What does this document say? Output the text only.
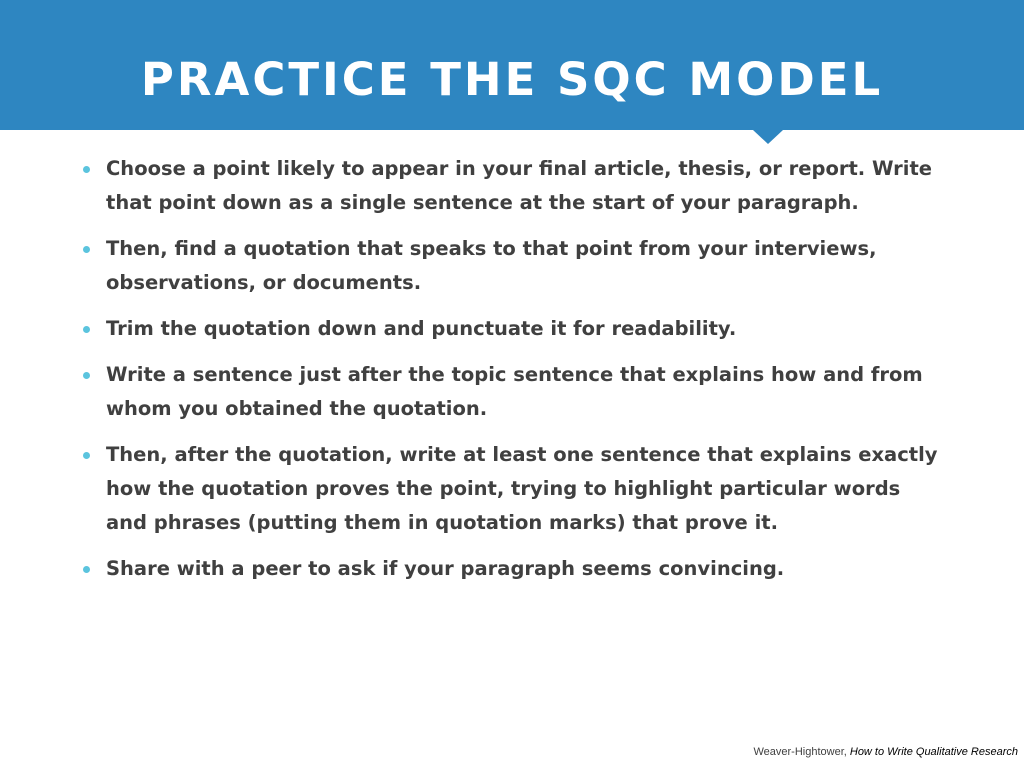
PRACTICE THE SQC MODEL
Choose a point likely to appear in your final article, thesis, or report. Write that point down as a single sentence at the start of your paragraph.
Then, find a quotation that speaks to that point from your interviews, observations, or documents.
Trim the quotation down and punctuate it for readability.
Write a sentence just after the topic sentence that explains how and from whom you obtained the quotation.
Then, after the quotation, write at least one sentence that explains exactly how the quotation proves the point, trying to highlight particular words and phrases (putting them in quotation marks) that prove it.
Share with a peer to ask if your paragraph seems convincing.
Weaver-Hightower, How to Write Qualitative Research
